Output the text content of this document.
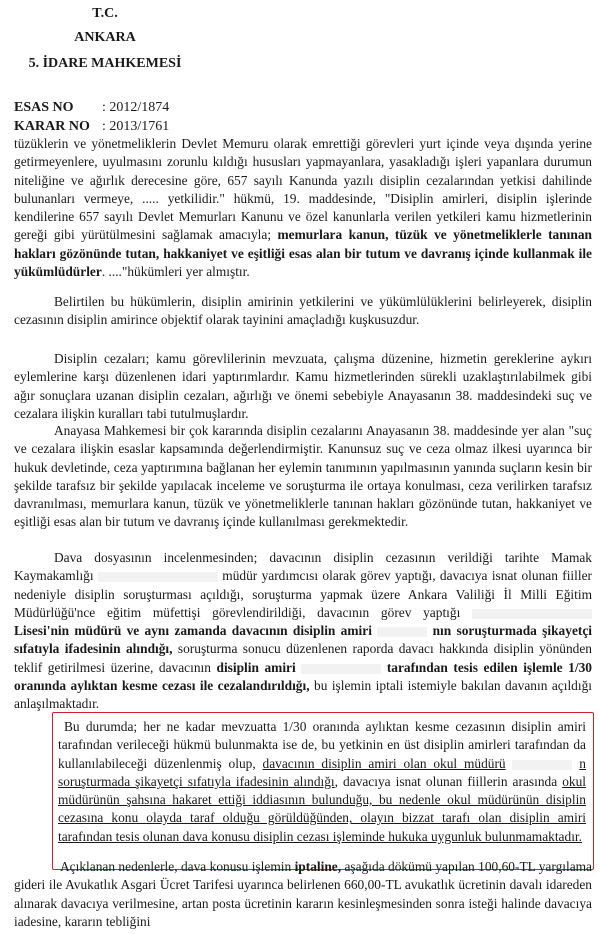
T.C.
ANKARA
5. İDARE MAHKEMESİ
ESAS NO : 2012/1874
KARAR NO : 2013/1761

tüzüklerin ve yönetmeliklerin Devlet Memuru olarak emrettiği görevleri yurt içinde veya dışında yerine getirmeyenlere, uyulmasını zorunlu kıldığı hususları yapmayanlara, yasakladığı işleri yapanlara durumun niteliğine ve ağırlık derecesine göre, 657 sayılı Kanunda yazılı disiplin cezalarından yetkisi dahilinde bulunanları vermeye, ..... yetkilidir." hükmü, 19. maddesinde, "Disiplin amirleri, disiplin işlerinde kendilerine 657 sayılı Devlet Memurları Kanunu ve özel kanunlarla verilen yetkileri kamu hizmetlerinin gereği gibi yürütülmesini sağlamak amacıyla; memurlara kanun, tüzük ve yönetmeliklerle tanınan hakları gözönünde tutan, hakkaniyet ve eşitliği esas alan bir tutum ve davranış içinde kullanmak ile yükümlüdürler. ...."hükümleri yer almıştır.

Belirtilen bu hükümlerin, disiplin amirinin yetkilerini ve yükümlülüklerini belirleyerek, disiplin cezasının disiplin amirince objektif olarak tayinini amaçladığı kuşkusuzdur.

Disiplin cezaları; kamu görevlilerinin mevzuata, çalışma düzenine, hizmetin gereklerine aykırı eylemlerine karşı düzenlenen idari yaptırımlardır. Kamu hizmetlerinden sürekli uzaklaştırılabilmek gibi ağır sonuçlara uzanan disiplin cezaları, ağırlığı ve önemi sebebiyle Anayasanın 38. maddesindeki suç ve cezalara ilişkin kuralları tabi tutulmuşlardır.

Anayasa Mahkemesi bir çok kararında disiplin cezalarını Anayasanın 38. maddesinde yer alan "suç ve cezalara ilişkin esaslar kapsamında değerlendirmiştir. Kanunsuz suç ve ceza olmaz ilkesi uyarınca bir hukuk devletinde, ceza yaptırımına bağlanan her eylemin tanımının yapılmasının yanında suçların kesin bir şekilde tarafsız bir şekilde yapılacak inceleme ve soruşturma ile ortaya konulması, ceza verilirken tarafsız davranılması, memurlara kanun, tüzük ve yönetmeliklerle tanınan hakları gözönünde tutan, hakkaniyet ve eşitliği esas alan bir tutum ve davranış içinde kullanılması gerekmektedir.

Dava dosyasının incelenmesinden; davacının disiplin cezasının verildiği tarihte Mamak Kaymakamlığı	müdür yardımcısı olarak görev yaptığı, davacıya isnat olunan fiiller nedeniyle disiplin soruşturması açıldığı, soruşturma yapmak üzere Ankara Valiliği İl Milli Eğitim Müdürlüğü'nce eğitim müfettişi görevlendirildiği, davacının görev yaptığı  Lisesi'nin müdürü ve aynı zamanda davacının disiplin amiri	nın soruşturmada şikayetçi sıfatıyla ifadesinin alındığı, soruşturma sonucu düzenlenen raporda davacı hakkında disiplin yönünden teklif getirilmesi üzerine, davacının disiplin amiri	tarafından tesis edilen işlemle 1/30 oranında aylıktan kesme cezası ile cezalandırıldığı, bu işlemin iptali istemiyle bakılan davanın açıldığı anlaşılmaktadır.

Bu durumda; her ne kadar mevzuatta 1/30 oranında aylıktan kesme cezasının disiplin amiri tarafından verileceği hükmü bulunmakta ise de, bu yetkinin en üst disiplin amirleri tarafından da kullanılabileceği düzenlenmiş olup, davacının disiplin amiri olan okul müdürü	n soruşturmada şikayetçi sıfatıyla ifadesinin alındığı, davacıya isnat olunan fiillerin arasında okul müdürünün şahsına hakaret ettiği iddiasının bulunduğu, bu nedenle okul müdürünün disiplin cezasına konu olayda taraf olduğu görüldüğünden, olayın bizzat tarafı olan disiplin amiri tarafından tesis olunan dava konusu disiplin cezası işleminde hukuka uygunluk bulunmamaktadır.

Açıklanan nedenlerle, dava konusu işlemin iptaline, aşağıda dökümü yapılan 100,60-TL yargılama gideri ile Avukatlık Asgari Ücret Tarifesi uyarınca belirlenen 660,00-TL avukatlık ücretinin davalı idareden alınarak davacıya verilmesine, artan posta ücretinin kararın kesinleşmesinden sonra isteği halinde davacıya iadesine, kararın tebliğini
